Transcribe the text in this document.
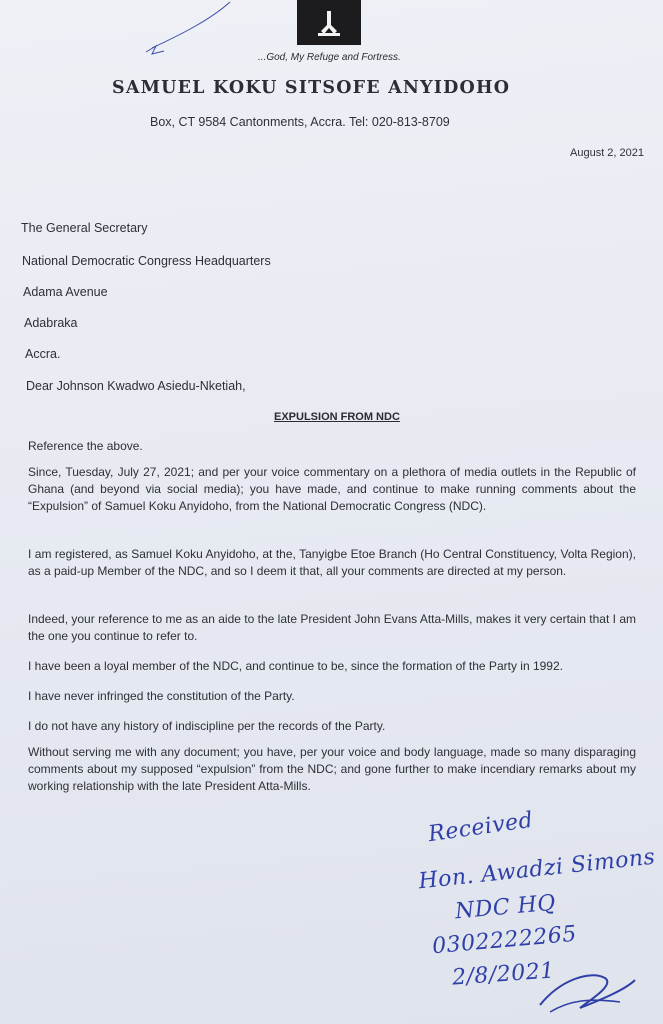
...God, My Refuge and Fortress.
SAMUEL KOKU SITSOFE ANYIDOHO
Box, CT 9584 Cantonments, Accra. Tel: 020-813-8709
August 2, 2021
The General Secretary
National Democratic Congress Headquarters
Adama Avenue
Adabraka
Accra.
Dear Johnson Kwadwo Asiedu-Nketiah,
EXPULSION FROM NDC
Reference the above.
Since, Tuesday, July 27, 2021; and per your voice commentary on a plethora of media outlets in the Republic of Ghana (and beyond via social media); you have made, and continue to make running comments about the “Expulsion” of Samuel Koku Anyidoho, from the National Democratic Congress (NDC).
I am registered, as Samuel Koku Anyidoho, at the, Tanyigbe Etoe Branch (Ho Central Constituency, Volta Region), as a paid-up Member of the NDC, and so I deem it that, all your comments are directed at my person.
Indeed, your reference to me as an aide to the late President John Evans Atta-Mills, makes it very certain that I am the one you continue to refer to.
I have been a loyal member of the NDC, and continue to be, since the formation of the Party in 1992.
I have never infringed the constitution of the Party.
I do not have any history of indiscipline per the records of the Party.
Without serving me with any document; you have, per your voice and body language, made so many disparaging comments about my supposed “expulsion” from the NDC; and gone further to make incendiary remarks about my working relationship with the late President Atta-Mills.
Received
Hon. Awadzi Simons
NDC HQ
0302222265
2/8/2021
